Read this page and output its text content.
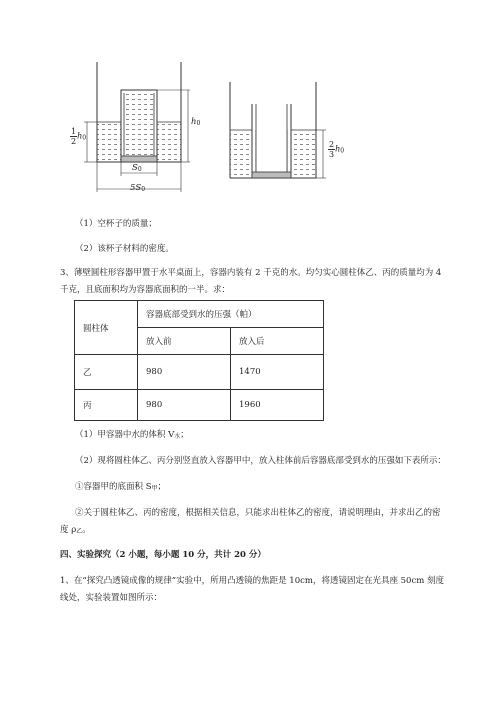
$\frac{1}{2}h0$
h0
S0
5S0
$\frac{2}{3}h0$
（1）空杯子的质量；
（2）该杯子材料的密度。
3、薄壁圆柱形容器甲置于水平桌面上，容器内装有 2 千克的水。均匀实心圆柱体乙、丙的质量均为 4
千克，且底面积均为容器底面积的一半。求：
圆柱体	容器底部受到水的压强（帕）	
	放入前	放入后
乙	980	1470
丙	980	1960
（1）甲容器中水的体积 V水；
（2）现将圆柱体乙、丙分别竖直放入容器甲中，放入柱体前后容器底部受到水的压强如下表所示：
①容器甲的底面积 S甲；
②关于圆柱体乙、丙的密度，根据相关信息，只能求出柱体乙的密度，请说明理由，并求出乙的密
度 ρ乙。
四、实验探究（2 小题，每小题 10 分，共计 20 分）
1、在“探究凸透镜成像的规律”实验中，所用凸透镜的焦距是 10cm，将透镜固定在光具座 50cm 刻度
线处，实验装置如图所示：
